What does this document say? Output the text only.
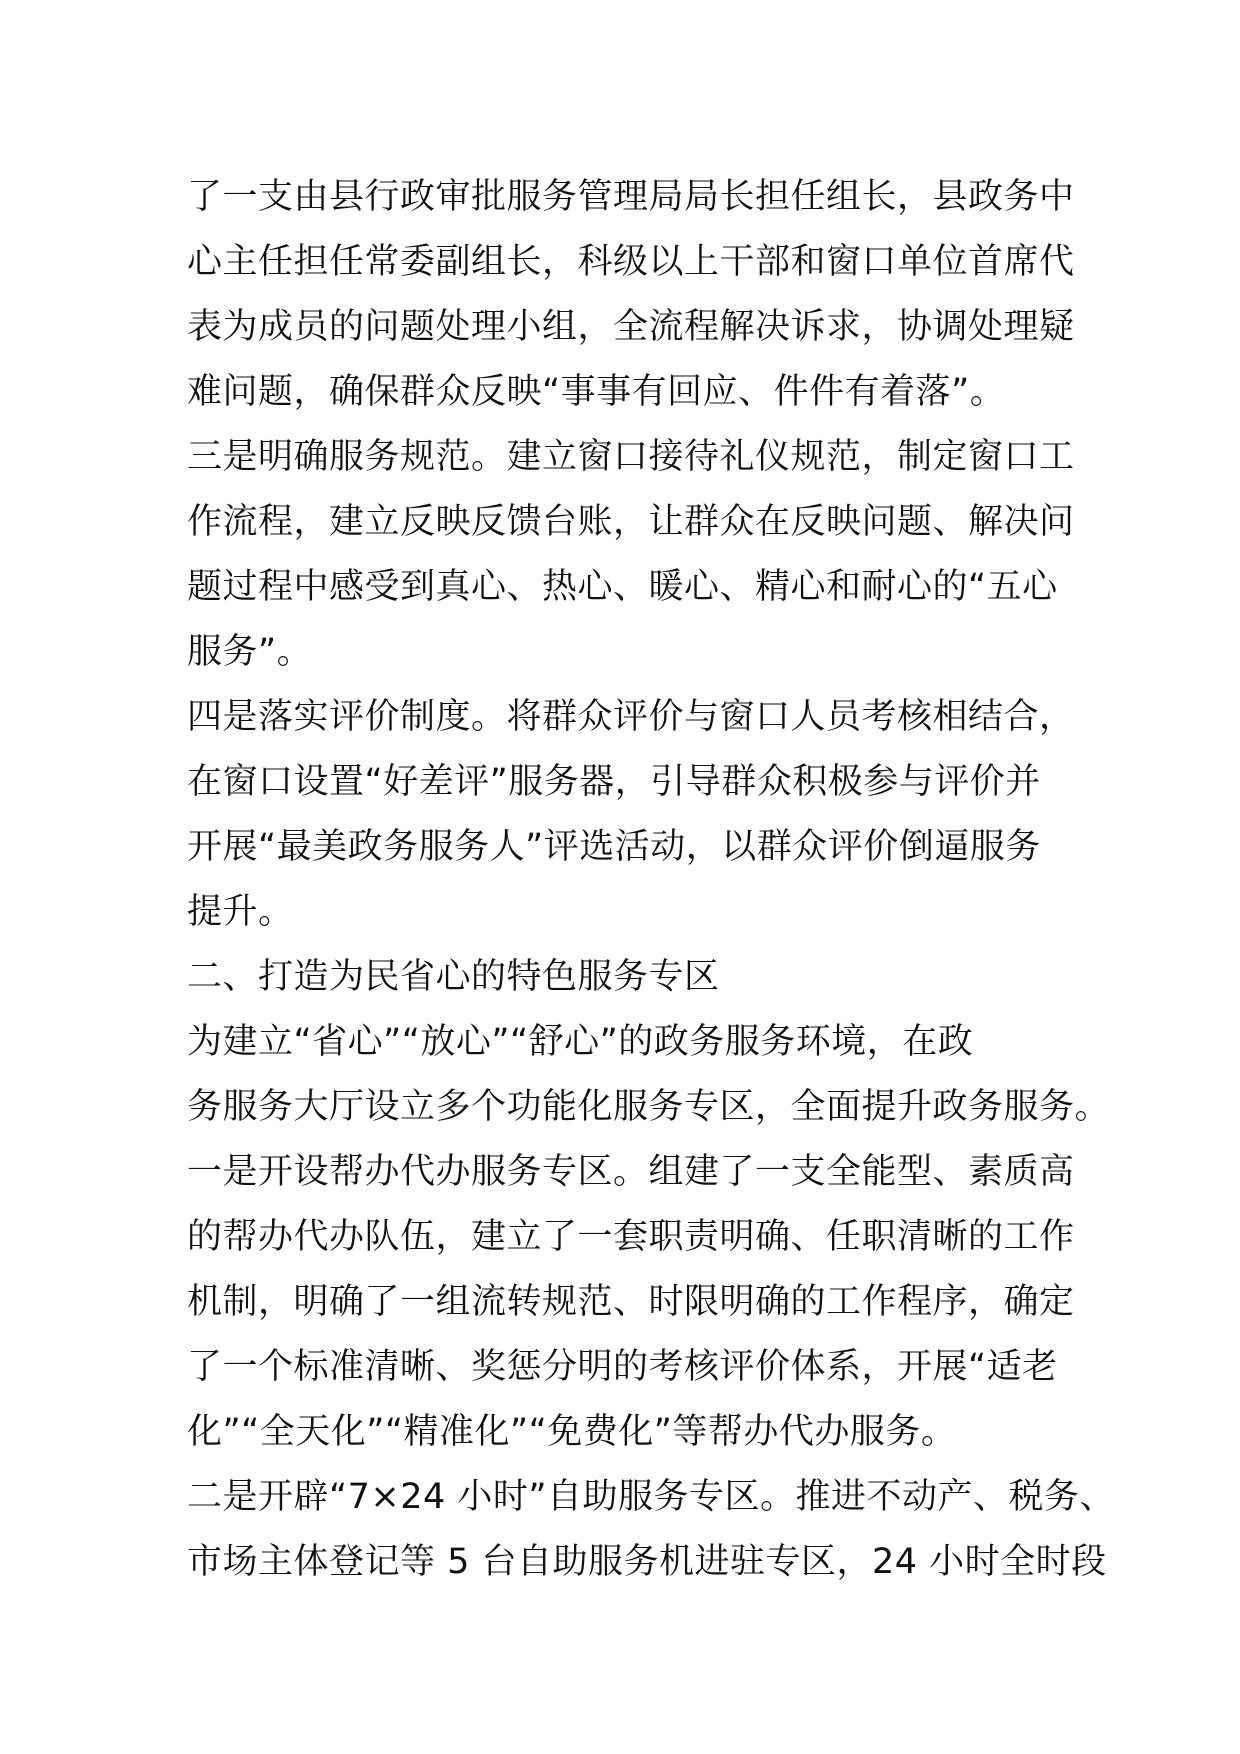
了一支由县行政审批服务管理局局长担任组长，县政务中
心主任担任常委副组长，科级以上干部和窗口单位首席代
表为成员的问题处理小组，全流程解决诉求，协调处理疑
难问题，确保群众反映“事事有回应、件件有着落”。
三是明确服务规范。建立窗口接待礼仪规范，制定窗口工
作流程，建立反映反馈台账，让群众在反映问题、解决问
题过程中感受到真心、热心、暖心、精心和耐心的“五心
服务”。
四是落实评价制度。将群众评价与窗口人员考核相结合，
在窗口设置“好差评”服务器，引导群众积极参与评价并
开展“最美政务服务人”评选活动，以群众评价倒逼服务
提升。
二、打造为民省心的特色服务专区
为建立“省心”“放心”“舒心”的政务服务环境，在政
务服务大厅设立多个功能化服务专区，全面提升政务服务。
一是开设帮办代办服务专区。组建了一支全能型、素质高
的帮办代办队伍，建立了一套职责明确、任职清晰的工作
机制，明确了一组流转规范、时限明确的工作程序，确定
了一个标准清晰、奖惩分明的考核评价体系，开展“适老
化”“全天化”“精准化”“免费化”等帮办代办服务。
二是开辟“7×24 小时”自助服务专区。推进不动产、税务、
市场主体登记等 5 台自助服务机进驻专区，24 小时全时段
